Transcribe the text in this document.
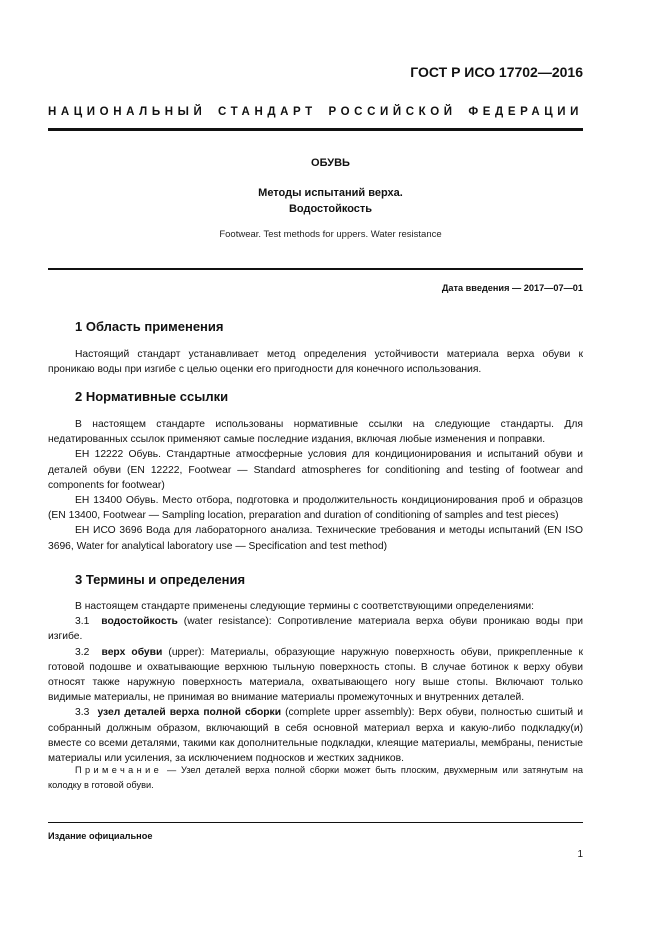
ГОСТ Р ИСО 17702—2016
НАЦИОНАЛЬНЫЙ СТАНДАРТ РОССИЙСКОЙ ФЕДЕРАЦИИ
ОБУВЬ
Методы испытаний верха.
Водостойкость
Footwear. Test methods for uppers. Water resistance
Дата введения — 2017—07—01
1 Область применения
Настоящий стандарт устанавливает метод определения устойчивости материала верха обуви к проникаю воды при изгибе с целью оценки его пригодности для конечного использования.
2 Нормативные ссылки
В настоящем стандарте использованы нормативные ссылки на следующие стандарты. Для недатированных ссылок применяют самые последние издания, включая любые изменения и поправки.
ЕН 12222 Обувь. Стандартные атмосферные условия для кондиционирования и испытаний обуви и деталей обуви (EN 12222, Footwear — Standard atmospheres for conditioning and testing of footwear and components for footwear)
ЕН 13400 Обувь. Место отбора, подготовка и продолжительность кондиционирования проб и образцов (EN 13400, Footwear — Sampling location, preparation and duration of conditioning of samples and test pieces)
ЕН ИСО 3696 Вода для лабораторного анализа. Технические требования и методы испытаний (EN ISO 3696, Water for analytical laboratory use — Specification and test method)
3 Термины и определения
В настоящем стандарте применены следующие термины с соответствующими определениями:
3.1 водостойкость (water resistance): Сопротивление материала верха обуви проникаю воды при изгибе.
3.2 верх обуви (upper): Материалы, образующие наружную поверхность обуви, прикрепленные к готовой подошве и охватывающие верхнюю тыльную поверхность стопы. В случае ботинок к верху обуви относят также наружную поверхность материала, охватывающего ногу выше стопы. Включают только видимые материалы, не принимая во внимание материалы промежуточных и внутренних деталей.
3.3 узел деталей верха полной сборки (complete upper assembly): Верх обуви, полностью сшитый и собранный должным образом, включающий в себя основной материал верха и какую-либо подкладку(и) вместе со всеми деталями, такими как дополнительные подкладки, клеящие материалы, мембраны, пенистые материалы или усиления, за исключением подносков и жестких задников.
Примечание — Узел деталей верха полной сборки может быть плоским, двухмерным или затянутым на колодку в готовой обуви.
Издание официальное
1
